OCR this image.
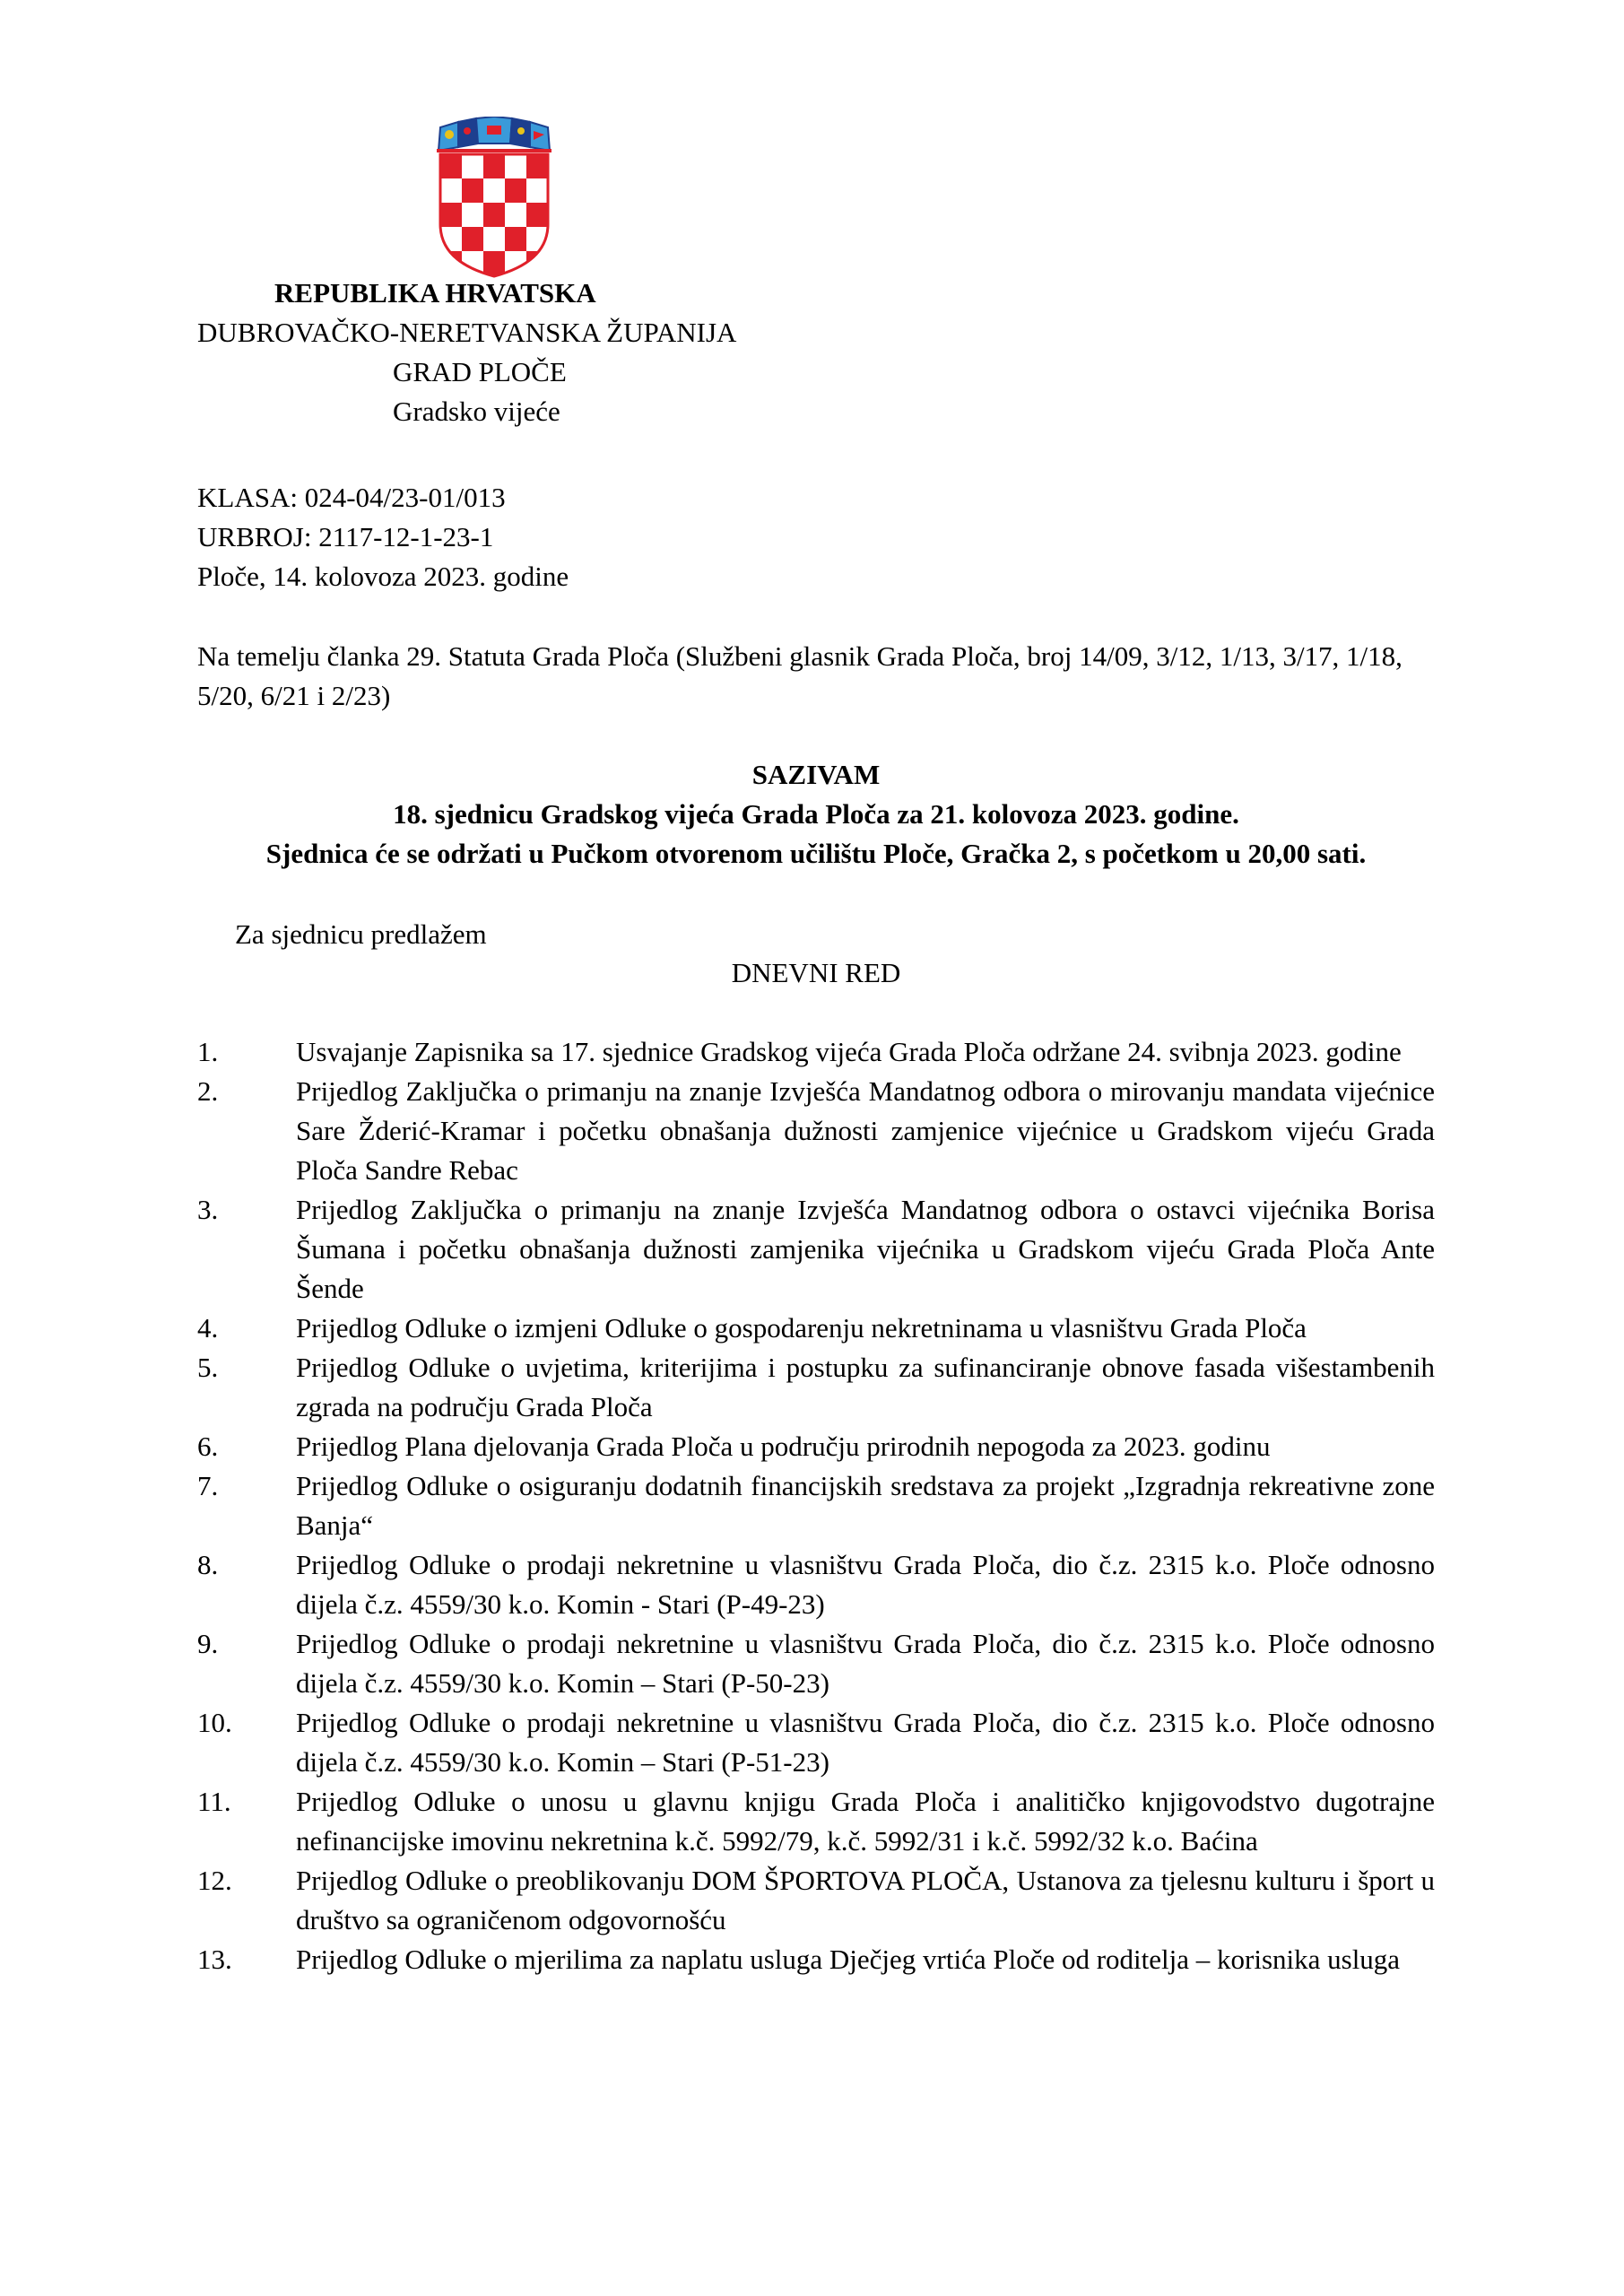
REPUBLIKA HRVATSKA
DUBROVAČKO-NERETVANSKA ŽUPANIJA
GRAD PLOČE
Gradsko vijeće
KLASA: 024-04/23-01/013
URBROJ: 2117-12-1-23-1
Ploče, 14. kolovoza 2023. godine
Na temelju članka 29. Statuta Grada Ploča (Službeni glasnik Grada Ploča, broj 14/09, 3/12, 1/13, 3/17, 1/18, 5/20, 6/21 i 2/23)
SAZIVAM
18. sjednicu Gradskog vijeća Grada Ploča za 21. kolovoza 2023. godine.
Sjednica će se održati u Pučkom otvorenom učilištu Ploče, Gračka 2, s početkom u 20,00 sati.
Za sjednicu predlažem
DNEVNI RED
1.	Usvajanje Zapisnika sa 17. sjednice Gradskog vijeća Grada Ploča održane 24. svibnja 2023. godine
2.	Prijedlog Zaključka o primanju na znanje Izvješća Mandatnog odbora o mirovanju mandata vijećnice Sare Žderić-Kramar i početku obnašanja dužnosti zamjenice vijećnice u Gradskom vijeću Grada Ploča Sandre Rebac
3.	Prijedlog Zaključka o primanju na znanje Izvješća Mandatnog odbora o ostavci vijećnika Borisa Šumana i početku obnašanja dužnosti zamjenika vijećnika u Gradskom vijeću Grada Ploča Ante Šende
4.	Prijedlog Odluke o izmjeni Odluke o gospodarenju nekretninama u vlasništvu Grada Ploča
5.	Prijedlog Odluke o uvjetima, kriterijima i postupku za sufinanciranje obnove fasada višestambenih zgrada na području Grada Ploča
6.	Prijedlog Plana djelovanja Grada Ploča u području prirodnih nepogoda za 2023. godinu
7.	Prijedlog Odluke o osiguranju dodatnih financijskih sredstava za projekt „Izgradnja rekreativne zone Banja“
8.	Prijedlog Odluke o prodaji nekretnine u vlasništvu Grada Ploča, dio č.z. 2315 k.o. Ploče odnosno dijela č.z. 4559/30 k.o. Komin - Stari (P-49-23)
9.	Prijedlog Odluke o prodaji nekretnine u vlasništvu Grada Ploča, dio č.z. 2315 k.o. Ploče odnosno dijela č.z. 4559/30 k.o. Komin – Stari (P-50-23)
10.	Prijedlog Odluke o prodaji nekretnine u vlasništvu Grada Ploča, dio č.z. 2315 k.o. Ploče odnosno dijela č.z. 4559/30 k.o. Komin – Stari (P-51-23)
11.	Prijedlog Odluke o unosu u glavnu knjigu Grada Ploča i analitičko knjigovodstvo dugotrajne nefinancijske imovinu nekretnina k.č. 5992/79, k.č. 5992/31 i k.č. 5992/32 k.o. Baćina
12.	Prijedlog Odluke o preoblikovanju DOM ŠPORTOVA PLOČA, Ustanova za tjelesnu kulturu i šport u društvo sa ograničenom odgovornošću
13.	Prijedlog Odluke o mjerilima za naplatu usluga Dječjeg vrtića Ploče od roditelja – korisnika usluga
